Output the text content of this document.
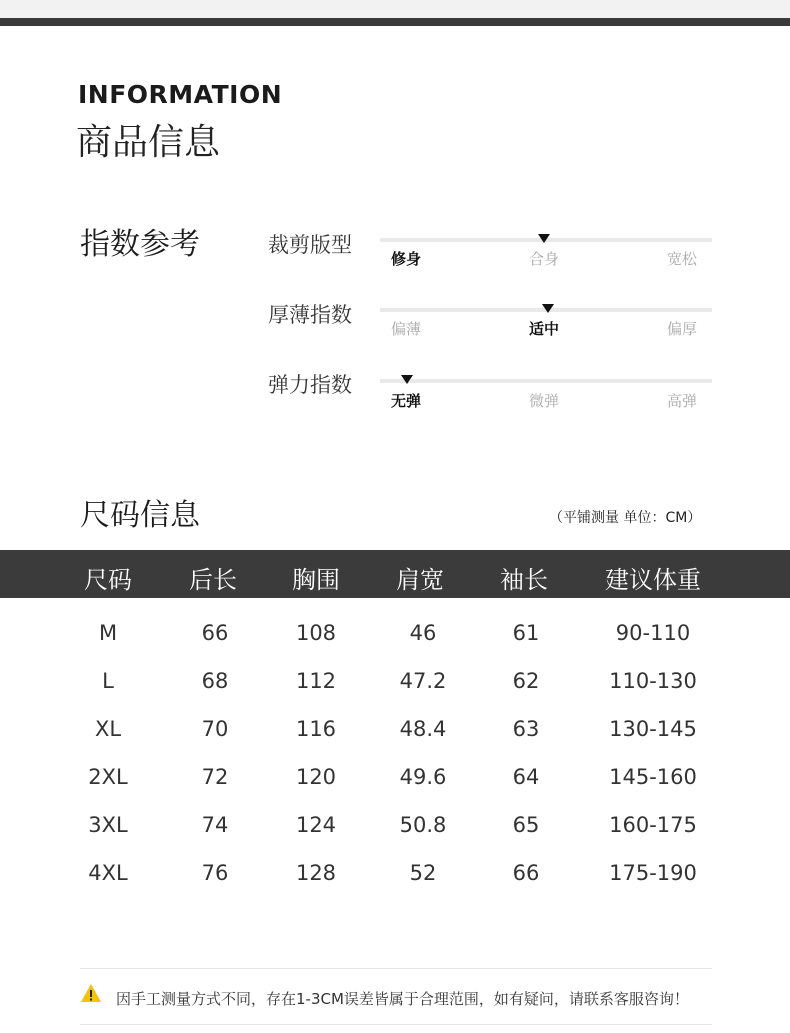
INFORMATION
商品信息
指数参考	裁剪版型
修身	合身	宽松
厚薄指数
偏薄	适中	偏厚
弹力指数
无弹	微弹	高弹
尺码信息	（平铺测量 单位：CM）
尺码 后长 胸围 肩宽 袖长 建议体重
M	66	108	46	61	90-110
L	68	112	47.2	62	110-130
XL	70	116	48.4	63	130-145
2XL	72	120	49.6	64	145-160
3XL	74	124	50.8	65	160-175
4XL	76	128	52	66	175-190
因手工测量方式不同，存在1-3CM误差皆属于合理范围，如有疑问，请联系客服咨询！
